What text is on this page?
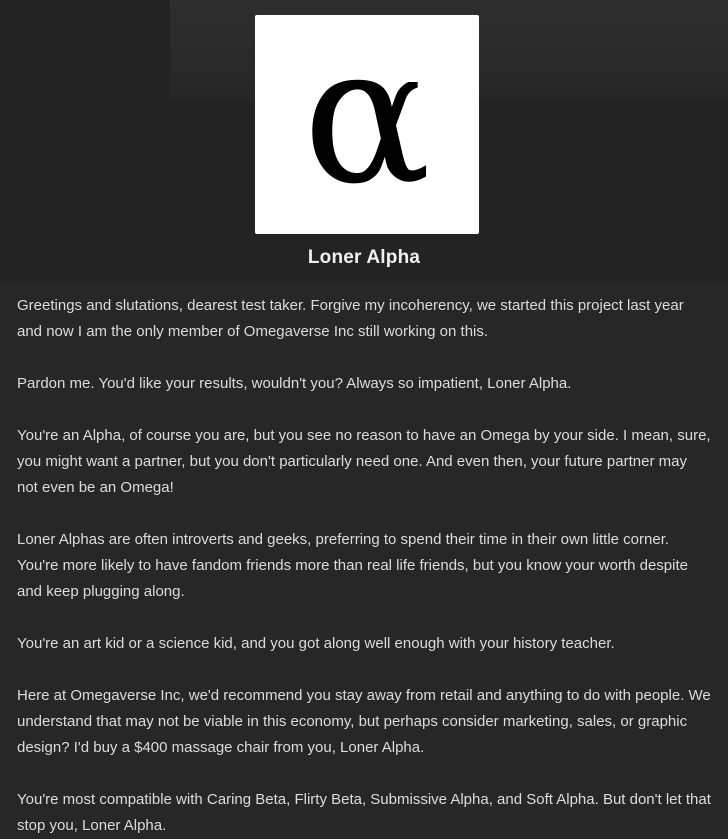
α
Loner Alpha

Greetings and slutations, dearest test taker. Forgive my incoherency, we started this project last year and now I am the only member of Omegaverse Inc still working on this.

Pardon me. You'd like your results, wouldn't you? Always so impatient, Loner Alpha.

You're an Alpha, of course you are, but you see no reason to have an Omega by your side. I mean, sure, you might want a partner, but you don't particularly need one. And even then, your future partner may not even be an Omega!

Loner Alphas are often introverts and geeks, preferring to spend their time in their own little corner. You're more likely to have fandom friends more than real life friends, but you know your worth despite and keep plugging along.

You're an art kid or a science kid, and you got along well enough with your history teacher.

Here at Omegaverse Inc, we'd recommend you stay away from retail and anything to do with people. We understand that may not be viable in this economy, but perhaps consider marketing, sales, or graphic design? I'd buy a $400 massage chair from you, Loner Alpha.

You're most compatible with Caring Beta, Flirty Beta, Submissive Alpha, and Soft Alpha. But don't let that stop you, Loner Alpha.
